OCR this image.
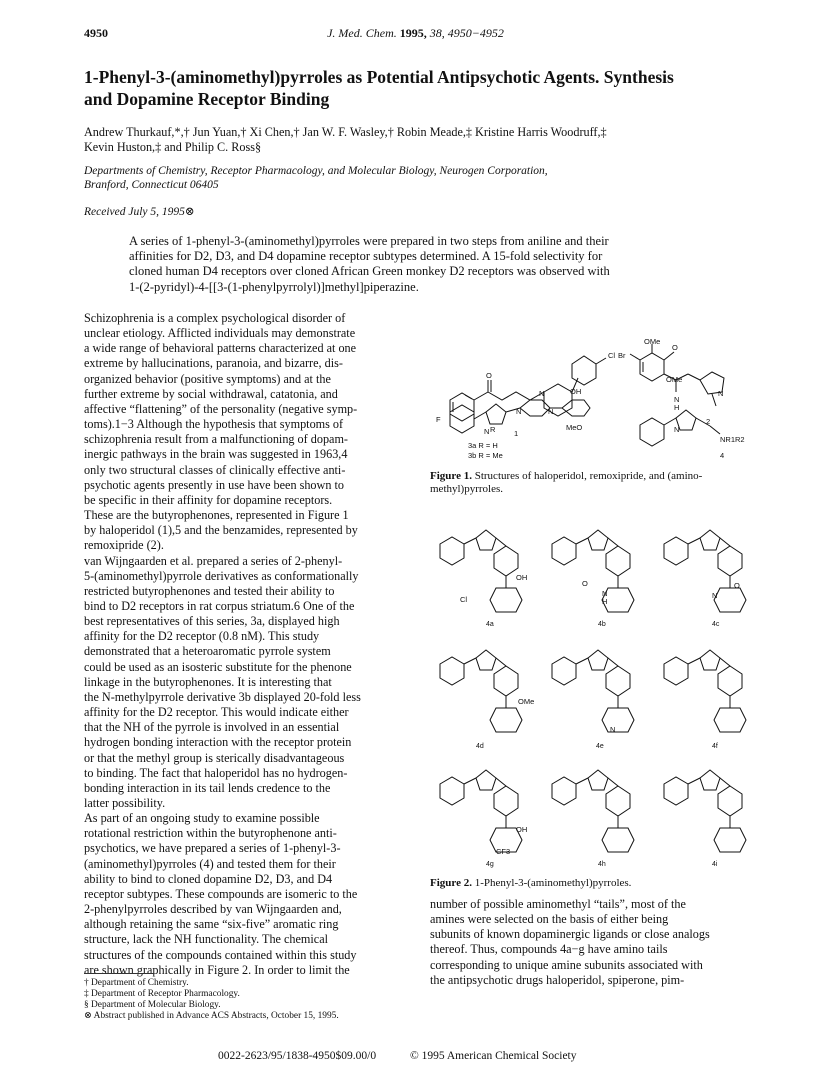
4950	J. Med. Chem. 1995, 38, 4950−4952
1-Phenyl-3-(aminomethyl)pyrroles as Potential Antipsychotic Agents. Synthesis
and Dopamine Receptor Binding
Andrew Thurkauf,*,† Jun Yuan,† Xi Chen,† Jan W. F. Wasley,† Robin Meade,‡ Kristine Harris Woodruff,‡
Kevin Huston,‡ and Philip C. Ross§
Departments of Chemistry, Receptor Pharmacology, and Molecular Biology, Neurogen Corporation,
Branford, Connecticut 06405
Received July 5, 1995⊗
A series of 1-phenyl-3-(aminomethyl)pyrroles were prepared in two steps from aniline and their
affinities for D2, D3, and D4 dopamine receptor subtypes determined. A 15-fold selectivity for
cloned human D4 receptors over cloned African Green monkey D2 receptors was observed with
1-(2-pyridyl)-4-[[3-(1-phenylpyrrolyl)]methyl]piperazine.
Schizophrenia is a complex psychological disorder of
unclear etiology. Afflicted individuals may demonstrate
a wide range of behavioral patterns characterized at one
extreme by hallucinations, paranoia, and bizarre, dis-
organized behavior (positive symptoms) and at the
further extreme by social withdrawal, catatonia, and
affective “flattening” of the personality (negative symp-
toms).1−3 Although the hypothesis that symptoms of
schizophrenia result from a malfunctioning of dopam-
inergic pathways in the brain was suggested in 1963,4
only two structural classes of clinically effective anti-
psychotic agents presently in use have been shown to
be specific in their affinity for dopamine receptors.
These are the butyrophenones, represented in Figure 1
by haloperidol (1),5 and the benzamides, represented by
remoxipride (2).
van Wijngaarden et al. prepared a series of 2-phenyl-
5-(aminomethyl)pyrrole derivatives as conformationally
restricted butyrophenones and tested their ability to
bind to D2 receptors in rat corpus striatum.6 One of the
best representatives of this series, 3a, displayed high
affinity for the D2 receptor (0.8 nM). This study
demonstrated that a heteroaromatic pyrrole system
could be used as an isosteric substitute for the phenone
linkage in the butyrophenones. It is interesting that
the N-methylpyrrole derivative 3b displayed 20-fold less
affinity for the D2 receptor. This would indicate either
that the NH of the pyrrole is involved in an essential
hydrogen bonding interaction with the receptor protein
or that the methyl group is sterically disadvantageous
to binding. The fact that haloperidol has no hydrogen-
bonding interaction in its tail lends credence to the
latter possibility.
As part of an ongoing study to examine possible
rotational restriction within the butyrophenone anti-
psychotics, we have prepared a series of 1-phenyl-3-
(aminomethyl)pyrroles (4) and tested them for their
ability to bind to cloned dopamine D2, D3, and D4
receptor subtypes. These compounds are isomeric to the
2-phenylpyrroles described by van Wijngaarden and,
although retaining the same “six-five” aromatic ring
structure, lack the NH functionality. The chemical
structures of the compounds contained within this study
are shown graphically in Figure 2. In order to limit the
O
Cl
F
N	OH
OMe
O
Br
N
H
N
OMe
N
N	N
R	MeO	N
NR1R2
1
2
4
3a R = H
3b R = Me
Figure 1. Structures of haloperidol, remoxipride, and (amino-
methyl)pyrroles.
OH
Cl
O
N
H
N
O
OMe
N
OH
CF3
4a	4b	4c
4d	4e	4f
4g	4h	4i
Figure 2. 1-Phenyl-3-(aminomethyl)pyrroles.
number of possible aminomethyl “tails”, most of the
amines were selected on the basis of either being
subunits of known dopaminergic ligands or close analogs
thereof. Thus, compounds 4a−g have amino tails
corresponding to unique amine subunits associated with
the antipsychotic drugs haloperidol, spiperone, pim-
† Department of Chemistry.
‡ Department of Receptor Pharmacology.
§ Department of Molecular Biology.
⊗ Abstract published in Advance ACS Abstracts, October 15, 1995.
0022-2623/95/1838-4950$09.00/0	© 1995 American Chemical Society
